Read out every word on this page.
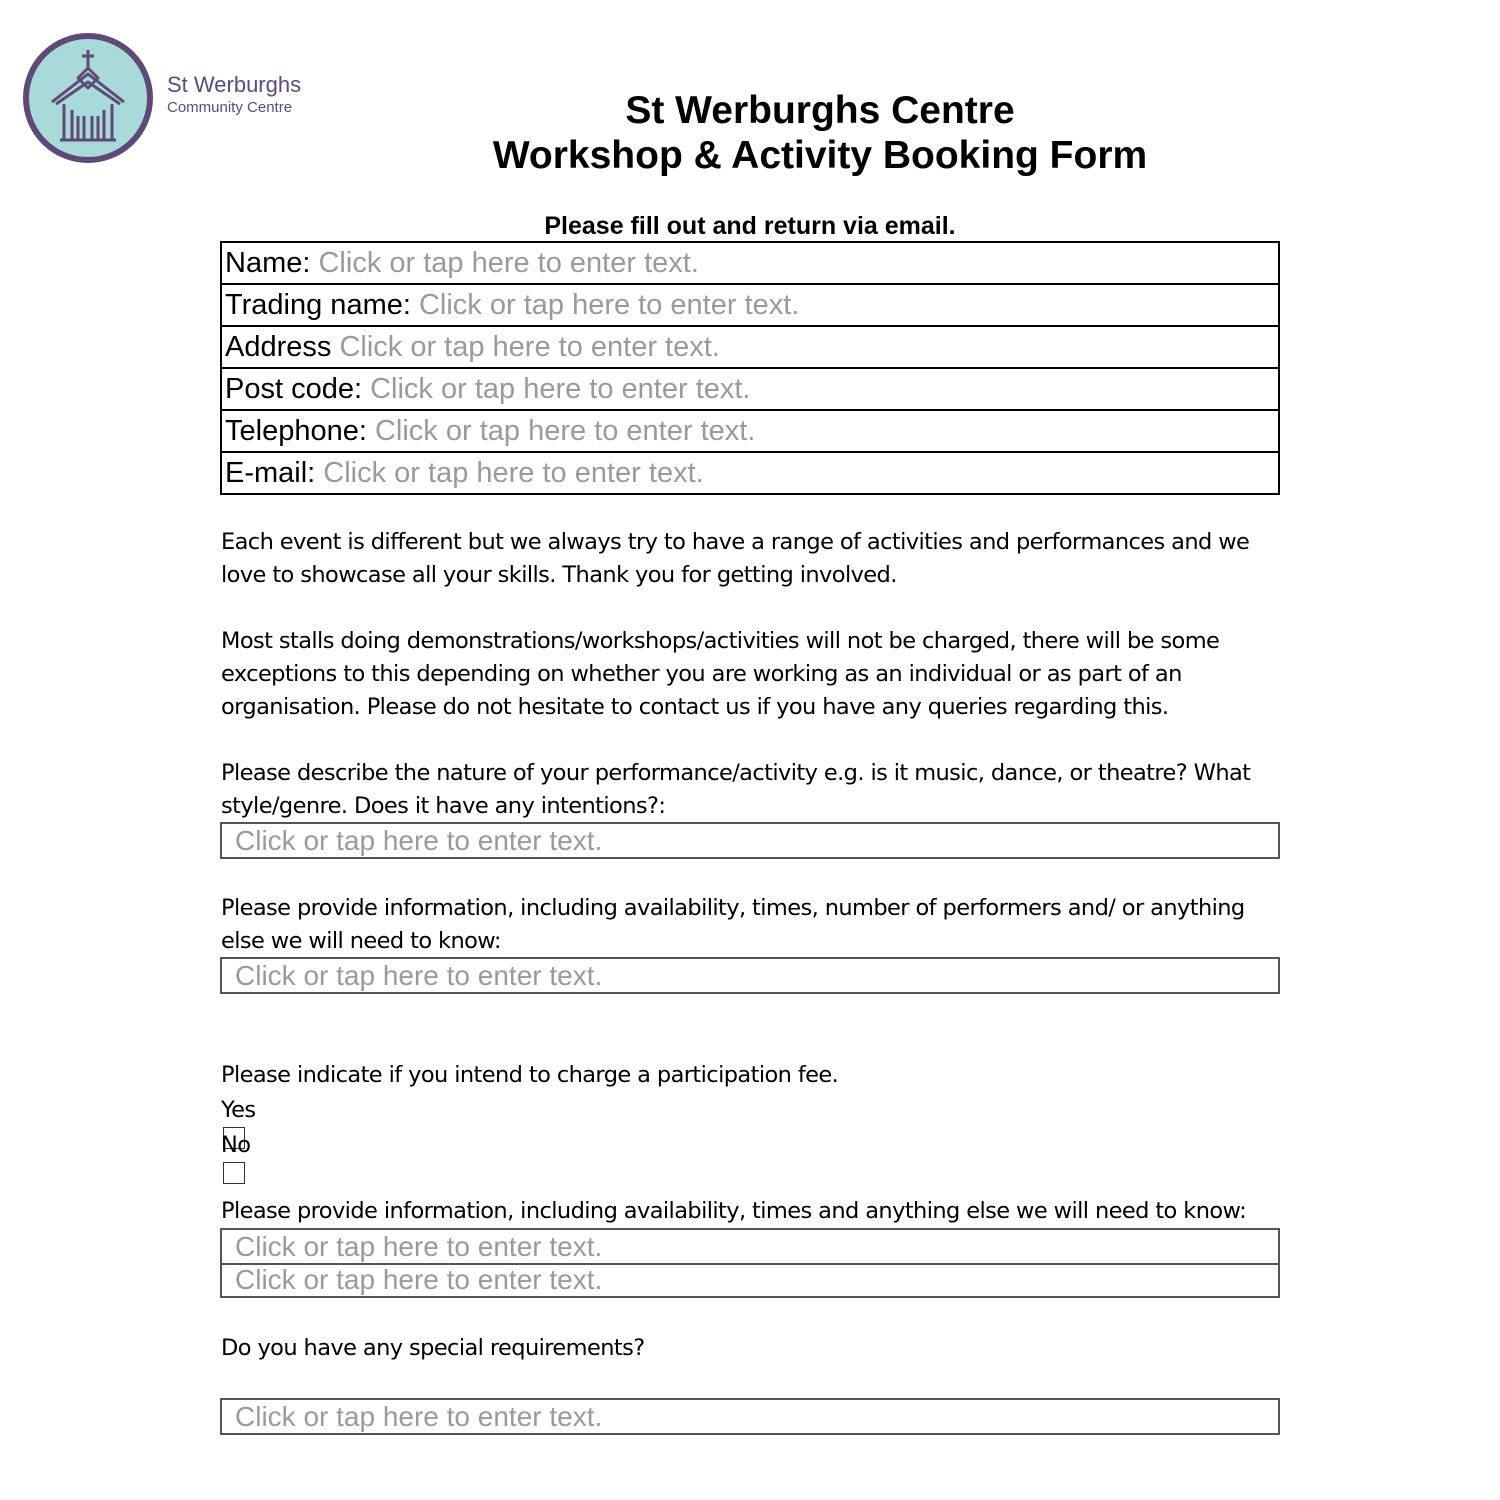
St Werburghs
Community Centre	St Werburghs Centre
Workshop & Activity Booking Form
Please fill out and return via email.
Name: Click or tap here to enter text.
Trading name: Click or tap here to enter text.
Address Click or tap here to enter text.
Post code: Click or tap here to enter text.
Telephone: Click or tap here to enter text.
E-mail: Click or tap here to enter text.
Each event is different but we always try to have a range of activities and performances and we
love to showcase all your skills. Thank you for getting involved.
Most stalls doing demonstrations/workshops/activities will not be charged, there will be some
exceptions to this depending on whether you are working as an individual or as part of an
organisation. Please do not hesitate to contact us if you have any queries regarding this.
Please describe the nature of your performance/activity e.g. is it music, dance, or theatre? What
style/genre. Does it have any intentions?:
Click or tap here to enter text.
Please provide information, including availability, times, number of performers and/ or anything
else we will need to know:
Click or tap here to enter text.
Please indicate if you intend to charge a participation fee.
Yes
No
Please provide information, including availability, times and anything else we will need to know:
Click or tap here to enter text.
Click or tap here to enter text.
Do you have any special requirements?
Click or tap here to enter text.
